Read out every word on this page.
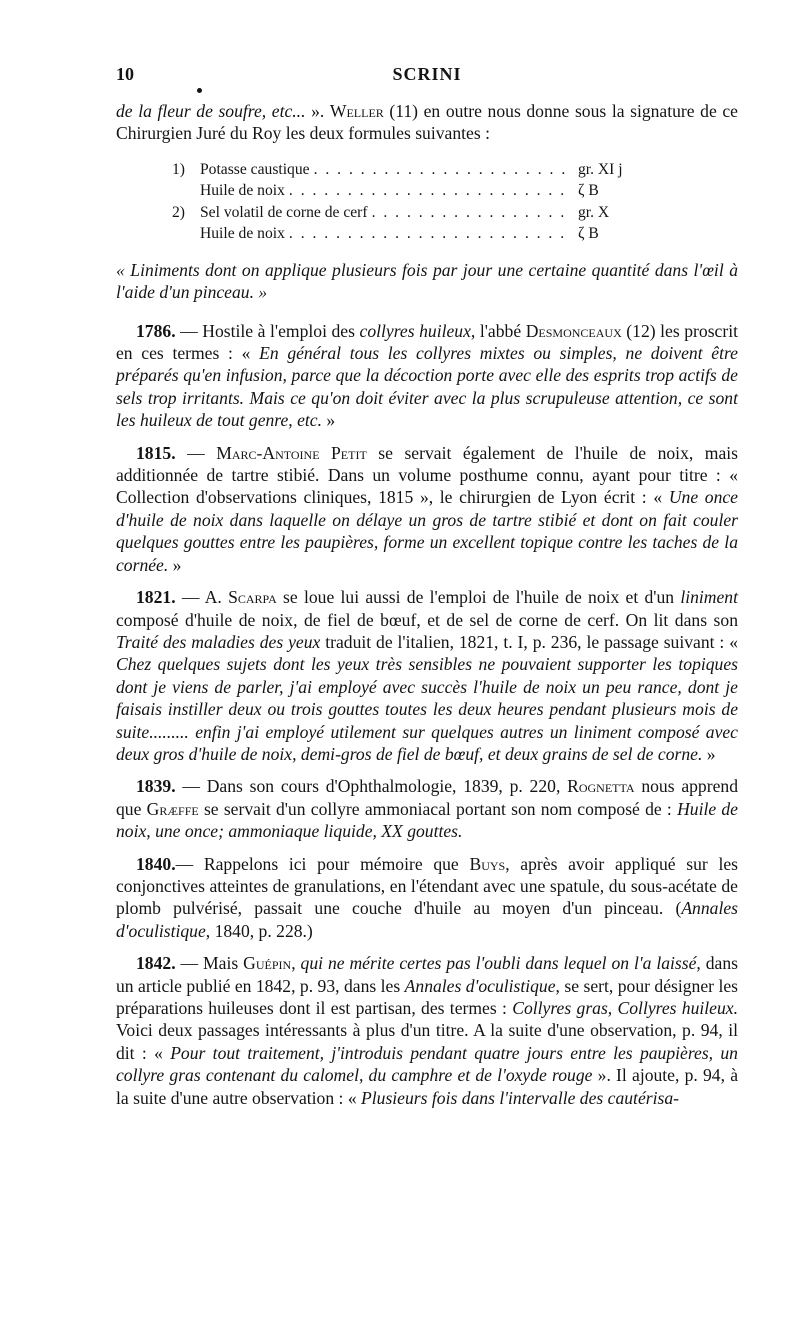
10	SCRINI

de la fleur de soufre, etc... ». Weller (11) en outre nous donne sous la signature de ce Chirurgien Juré du Roy les deux formules suivantes :

1) Potasse caustique . . .	gr. XI j
Huile de noix . . .	ζ B
2) Sel volatil de corne de cerf . . .	gr. X
Huile de noix . . .	ζ B

« Liniments dont on applique plusieurs fois par jour une certaine quantité dans l'œil à l'aide d'un pinceau. »

1786. — Hostile à l'emploi des collyres huileux, l'abbé Desmonceaux (12) les proscrit en ces termes : « En général tous les collyres mixtes ou simples, ne doivent être préparés qu'en infusion, parce que la décoction porte avec elle des esprits trop actifs de sels trop irritants. Mais ce qu'on doit éviter avec la plus scrupuleuse attention, ce sont les huileux de tout genre, etc. »

1815. — Marc-Antoine Petit se servait également de l'huile de noix, mais additionnée de tartre stibié. Dans un volume posthume connu, ayant pour titre : « Collection d'observations cliniques, 1815 », le chirurgien de Lyon écrit : « Une once d'huile de noix dans laquelle on délaye un gros de tartre stibié et dont on fait couler quelques gouttes entre les paupières, forme un excellent topique contre les taches de la cornée. »

1821. — A. Scarpa se loue lui aussi de l'emploi de l'huile de noix et d'un liniment composé d'huile de noix, de fiel de bœuf, et de sel de corne de cerf. On lit dans son Traité des maladies des yeux traduit de l'italien, 1821, t. I, p. 236, le passage suivant : « Chez quelques sujets dont les yeux très sensibles ne pouvaient supporter les topiques dont je viens de parler, j'ai employé avec succès l'huile de noix un peu rance, dont je faisais instiller deux ou trois gouttes toutes les deux heures pendant plusieurs mois de suite......... enfin j'ai employé utilement sur quelques autres un liniment composé avec deux gros d'huile de noix, demi-gros de fiel de bœuf, et deux grains de sel de corne. »

1839. — Dans son cours d'Ophthalmologie, 1839, p. 220, Rognetta nous apprend que Græffe se servait d'un collyre ammoniacal portant son nom composé de : Huile de noix, une once; ammoniaque liquide, XX gouttes.

1840.— Rappelons ici pour mémoire que Buys, après avoir appliqué sur les conjonctives atteintes de granulations, en l'étendant avec une spatule, du sous-acétate de plomb pulvérisé, passait une couche d'huile au moyen d'un pinceau. (Annales d'oculistique, 1840, p. 228.)

1842. — Mais Guépin, qui ne mérite certes pas l'oubli dans lequel on l'a laissé, dans un article publié en 1842, p. 93, dans les Annales d'oculistique, se sert, pour désigner les préparations huileuses dont il est partisan, des termes : Collyres gras, Collyres huileux. Voici deux passages intéressants à plus d'un titre. A la suite d'une observation, p. 94, il dit : « Pour tout traitement, j'introduis pendant quatre jours entre les paupières, un collyre gras contenant du calomel, du camphre et de l'oxyde rouge ». Il ajoute, p. 94, à la suite d'une autre observation : « Plusieurs fois dans l'intervalle des cautérisa-
